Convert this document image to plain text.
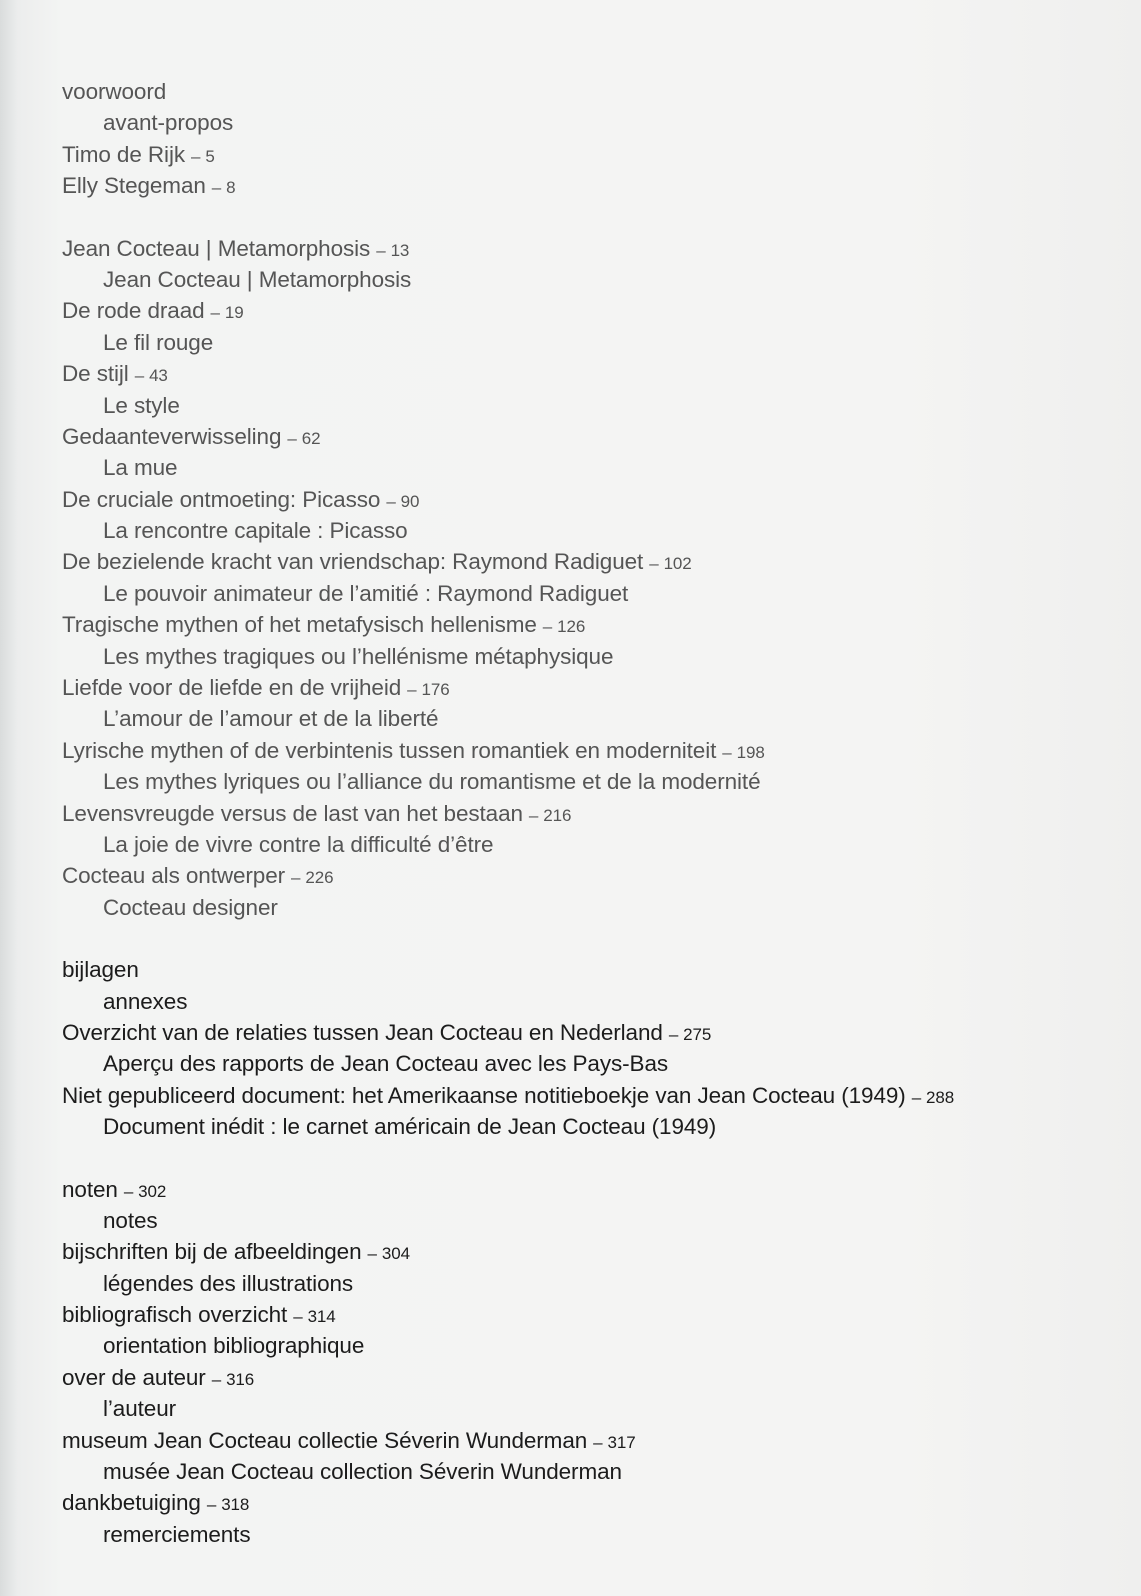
voorwoord
avant-propos
Timo de Rijk – 5
Elly Stegeman – 8
Jean Cocteau | Metamorphosis – 13
Jean Cocteau | Metamorphosis
De rode draad – 19
Le fil rouge
De stijl – 43
Le style
Gedaanteverwisseling – 62
La mue
De cruciale ontmoeting: Picasso – 90
La rencontre capitale : Picasso
De bezielende kracht van vriendschap: Raymond Radiguet – 102
Le pouvoir animateur de l’amitié : Raymond Radiguet
Tragische mythen of het metafysisch hellenisme – 126
Les mythes tragiques ou l’hellénisme métaphysique
Liefde voor de liefde en de vrijheid – 176
L’amour de l’amour et de la liberté
Lyrische mythen of de verbintenis tussen romantiek en moderniteit – 198
Les mythes lyriques ou l’alliance du romantisme et de la modernité
Levensvreugde versus de last van het bestaan – 216
La joie de vivre contre la difficulté d’être
Cocteau als ontwerper – 226
Cocteau designer
bijlagen
annexes
Overzicht van de relaties tussen Jean Cocteau en Nederland – 275
Aperçu des rapports de Jean Cocteau avec les Pays-Bas
Niet gepubliceerd document: het Amerikaanse notitieboekje van Jean Cocteau (1949) – 288
Document inédit : le carnet américain de Jean Cocteau (1949)
noten – 302
notes
bijschriften bij de afbeeldingen – 304
légendes des illustrations
bibliografisch overzicht – 314
orientation bibliographique
over de auteur – 316
l’auteur
museum Jean Cocteau collectie Séverin Wunderman – 317
musée Jean Cocteau collection Séverin Wunderman
dankbetuiging – 318
remerciements
